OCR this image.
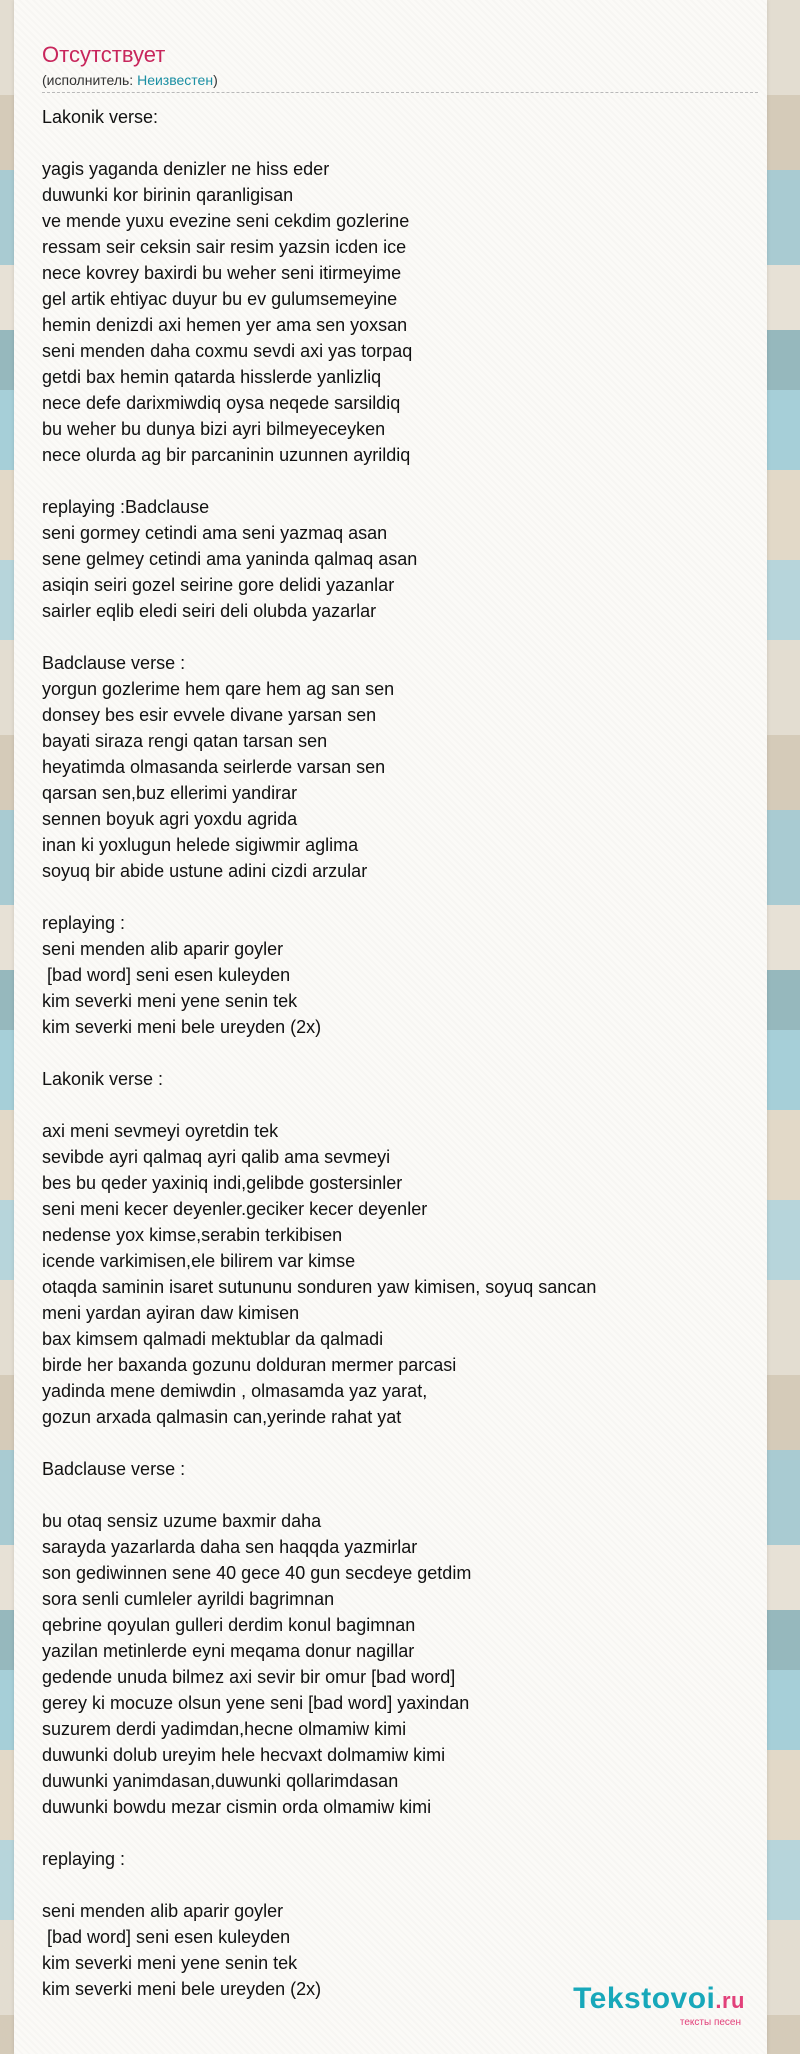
Отсутствует
(исполнитель: Неизвестен)
Lakonik verse:
yagis yaganda denizler ne hiss eder
duwunki kor birinin qaranligisan
ve mende yuxu evezine seni cekdim gozlerine
ressam seir ceksin sair resim yazsin icden ice
nece kovrey baxirdi bu weher seni itirmeyime
gel artik ehtiyac duyur bu ev gulumsemeyine
hemin denizdi axi hemen yer ama sen yoxsan
seni menden daha coxmu sevdi axi yas torpaq
getdi bax hemin qatarda hisslerde yanlizliq
nece defe darixmiwdiq oysa neqede sarsildiq
bu weher bu dunya bizi ayri bilmeyeceyken
nece olurda ag bir parcaninin uzunnen ayrildiq
replaying :Badclause
seni gormey cetindi ama seni yazmaq asan
sene gelmey cetindi ama yaninda qalmaq asan
asiqin seiri gozel seirine gore delidi yazanlar
sairler eqlib eledi seiri deli olubda yazarlar
Badclause verse :
yorgun gozlerime hem qare hem ag san sen
donsey bes esir evvele divane yarsan sen
bayati siraza rengi qatan tarsan sen
heyatimda olmasanda seirlerde varsan sen
qarsan sen,buz ellerimi yandirar
sennen boyuk agri yoxdu agrida
inan ki yoxlugun helede sigiwmir aglima
soyuq bir abide ustune adini cizdi arzular
replaying :
seni menden alib aparir goyler
[bad word] seni esen kuleyden
kim severki meni yene senin tek
kim severki meni bele ureyden (2x)
Lakonik verse :
axi meni sevmeyi oyretdin tek
sevibde ayri qalmaq ayri qalib ama sevmeyi
bes bu qeder yaxiniq indi,gelibde gostersinler
seni meni kecer deyenler.geciker kecer deyenler
nedense yox kimse,serabin terkibisen
icende varkimisen,ele bilirem var kimse
otaqda saminin isaret sutununu sonduren yaw kimisen, soyuq sancan
meni yardan ayiran daw kimisen
bax kimsem qalmadi mektublar da qalmadi
birde her baxanda gozunu dolduran mermer parcasi
yadinda mene demiwdin , olmasamda yaz yarat,
gozun arxada qalmasin can,yerinde rahat yat
Badclause verse :
bu otaq sensiz uzume baxmir daha
sarayda yazarlarda daha sen haqqda yazmirlar
son gediwinnen sene 40 gece 40 gun secdeye getdim
sora senli cumleler ayrildi bagrimnan
qebrine qoyulan gulleri derdim konul bagimnan
yazilan metinlerde eyni meqama donur nagillar
gedende unuda bilmez axi sevir bir omur [bad word]
gerey ki mocuze olsun yene seni [bad word] yaxindan
suzurem derdi yadimdan,hecne olmamiw kimi
duwunki dolub ureyim hele hecvaxt dolmamiw kimi
duwunki yanimdasan,duwunki qollarimdasan
duwunki bowdu mezar cismin orda olmamiw kimi
replaying :
seni menden alib aparir goyler
[bad word] seni esen kuleyden
kim severki meni yene senin tek
kim severki meni bele ureyden (2x)	Tekstovoi.ru
тексты песен
